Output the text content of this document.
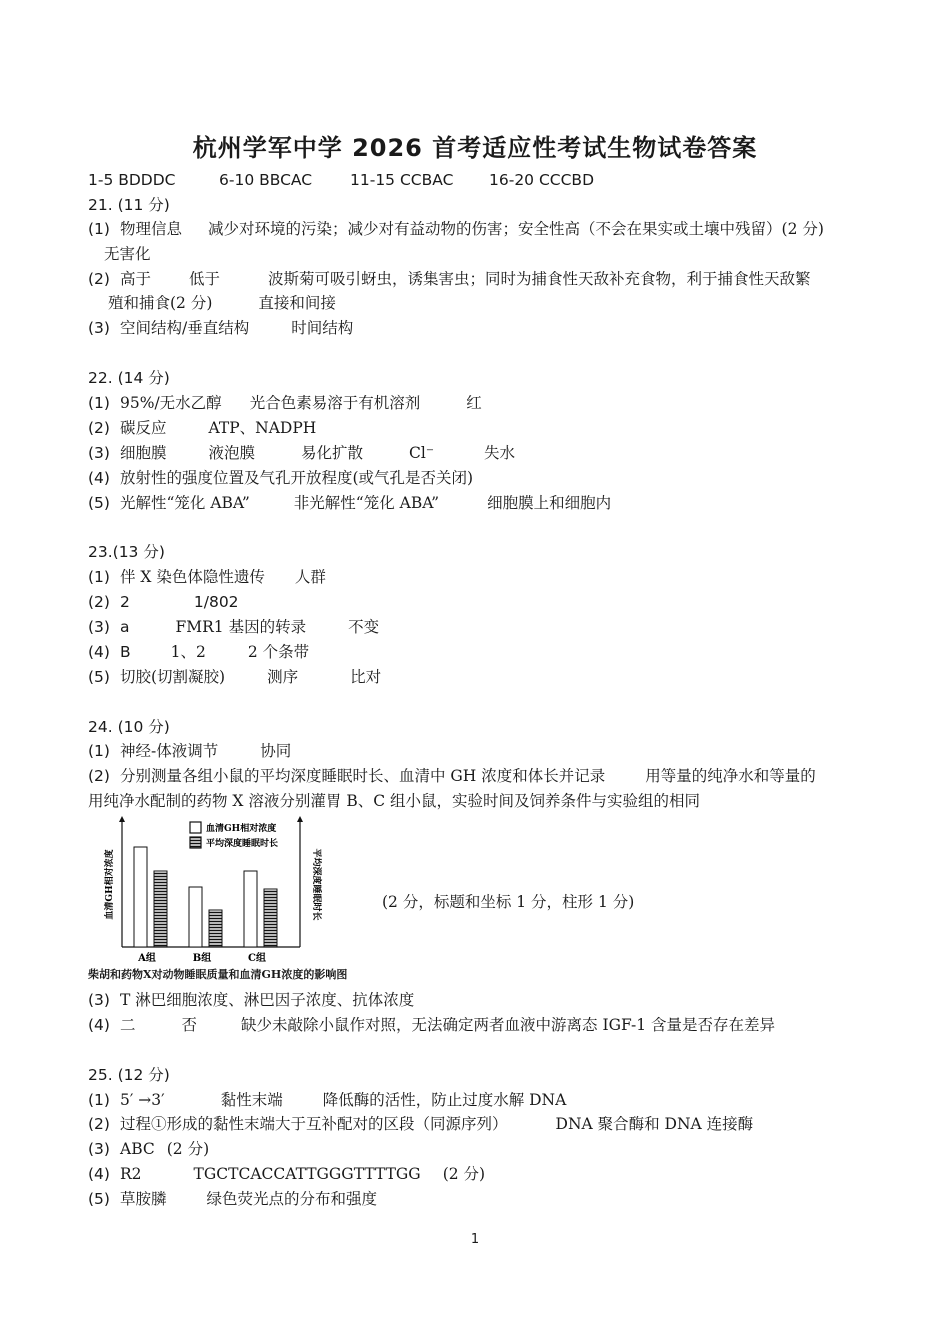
杭州学军中学 2026 首考适应性考试生物试卷答案
1-5 BDDDC	6-10 BBCAC 11-15 CCBAC 16-20 CCCBD
21. (11 分)
(1) 物理信息 减少对环境的污染；减少对有益动物的伤害；安全性高（不会在果实或土壤中残留）(2 分)
无害化
(2) 高于 低于	波斯菊可吸引蚜虫，诱集害虫；同时为捕食性天敌补充食物，利于捕食性天敌繁
殖和捕食(2 分)	直接和间接
(3) 空间结构/垂直结构	时间结构
22. (14 分)
(1) 95%/无水乙醇 光合色素易溶于有机溶剂	红
(2) 碳反应	ATP、NADPH
(3) 细胞膜	液泡膜	易化扩散	Cl⁻	失水
(4) 放射性的强度位置及气孔开放程度(或气孔是否关闭)
(5) 光解性“笼化 ABA”	非光解性“笼化 ABA”	细胞膜上和细胞内
23.(13 分)
(1) 伴 X 染色体隐性遗传 人群
(2) 2	1/802
(3) a	FMR1 基因的转录	不变
(4) B	1、2	2 个条带
(5) 切胶(切割凝胶)	测序	比对
24. (10 分)
(1) 神经-体液调节	协同
(2) 分别测量各组小鼠的平均深度睡眠时长、血清中 GH 浓度和体长并记录	用等量的纯净水和等量的
用纯净水配制的药物 X 溶液分别灌胃 B、C 组小鼠，实验时间及饲养条件与实验组的相同
血清GH相对浓度	平均深度睡眠时长
A组	B组	C组
血清GH相对浓度
平均深度睡眠时长
柴胡和药物X对动物睡眠质量和血清GH浓度的影响图
(2 分，标题和坐标 1 分，柱形 1 分)
(3) T 淋巴细胞浓度、淋巴因子浓度、抗体浓度
(4) 二	否	缺少未敲除小鼠作对照，无法确定两者血液中游离态 IGF-1 含量是否存在差异
25. (12 分)
(1) 5′ →3′	黏性末端	降低酶的活性，防止过度水解 DNA
(2) 过程①形成的黏性末端大于互补配对的区段（同源序列）	DNA 聚合酶和 DNA 连接酶
(3) ABC (2 分)
(4) R2	TGCTCACCATTGGGTTTTGG (2 分)
(5) 草胺膦	绿色荧光点的分布和强度
1
